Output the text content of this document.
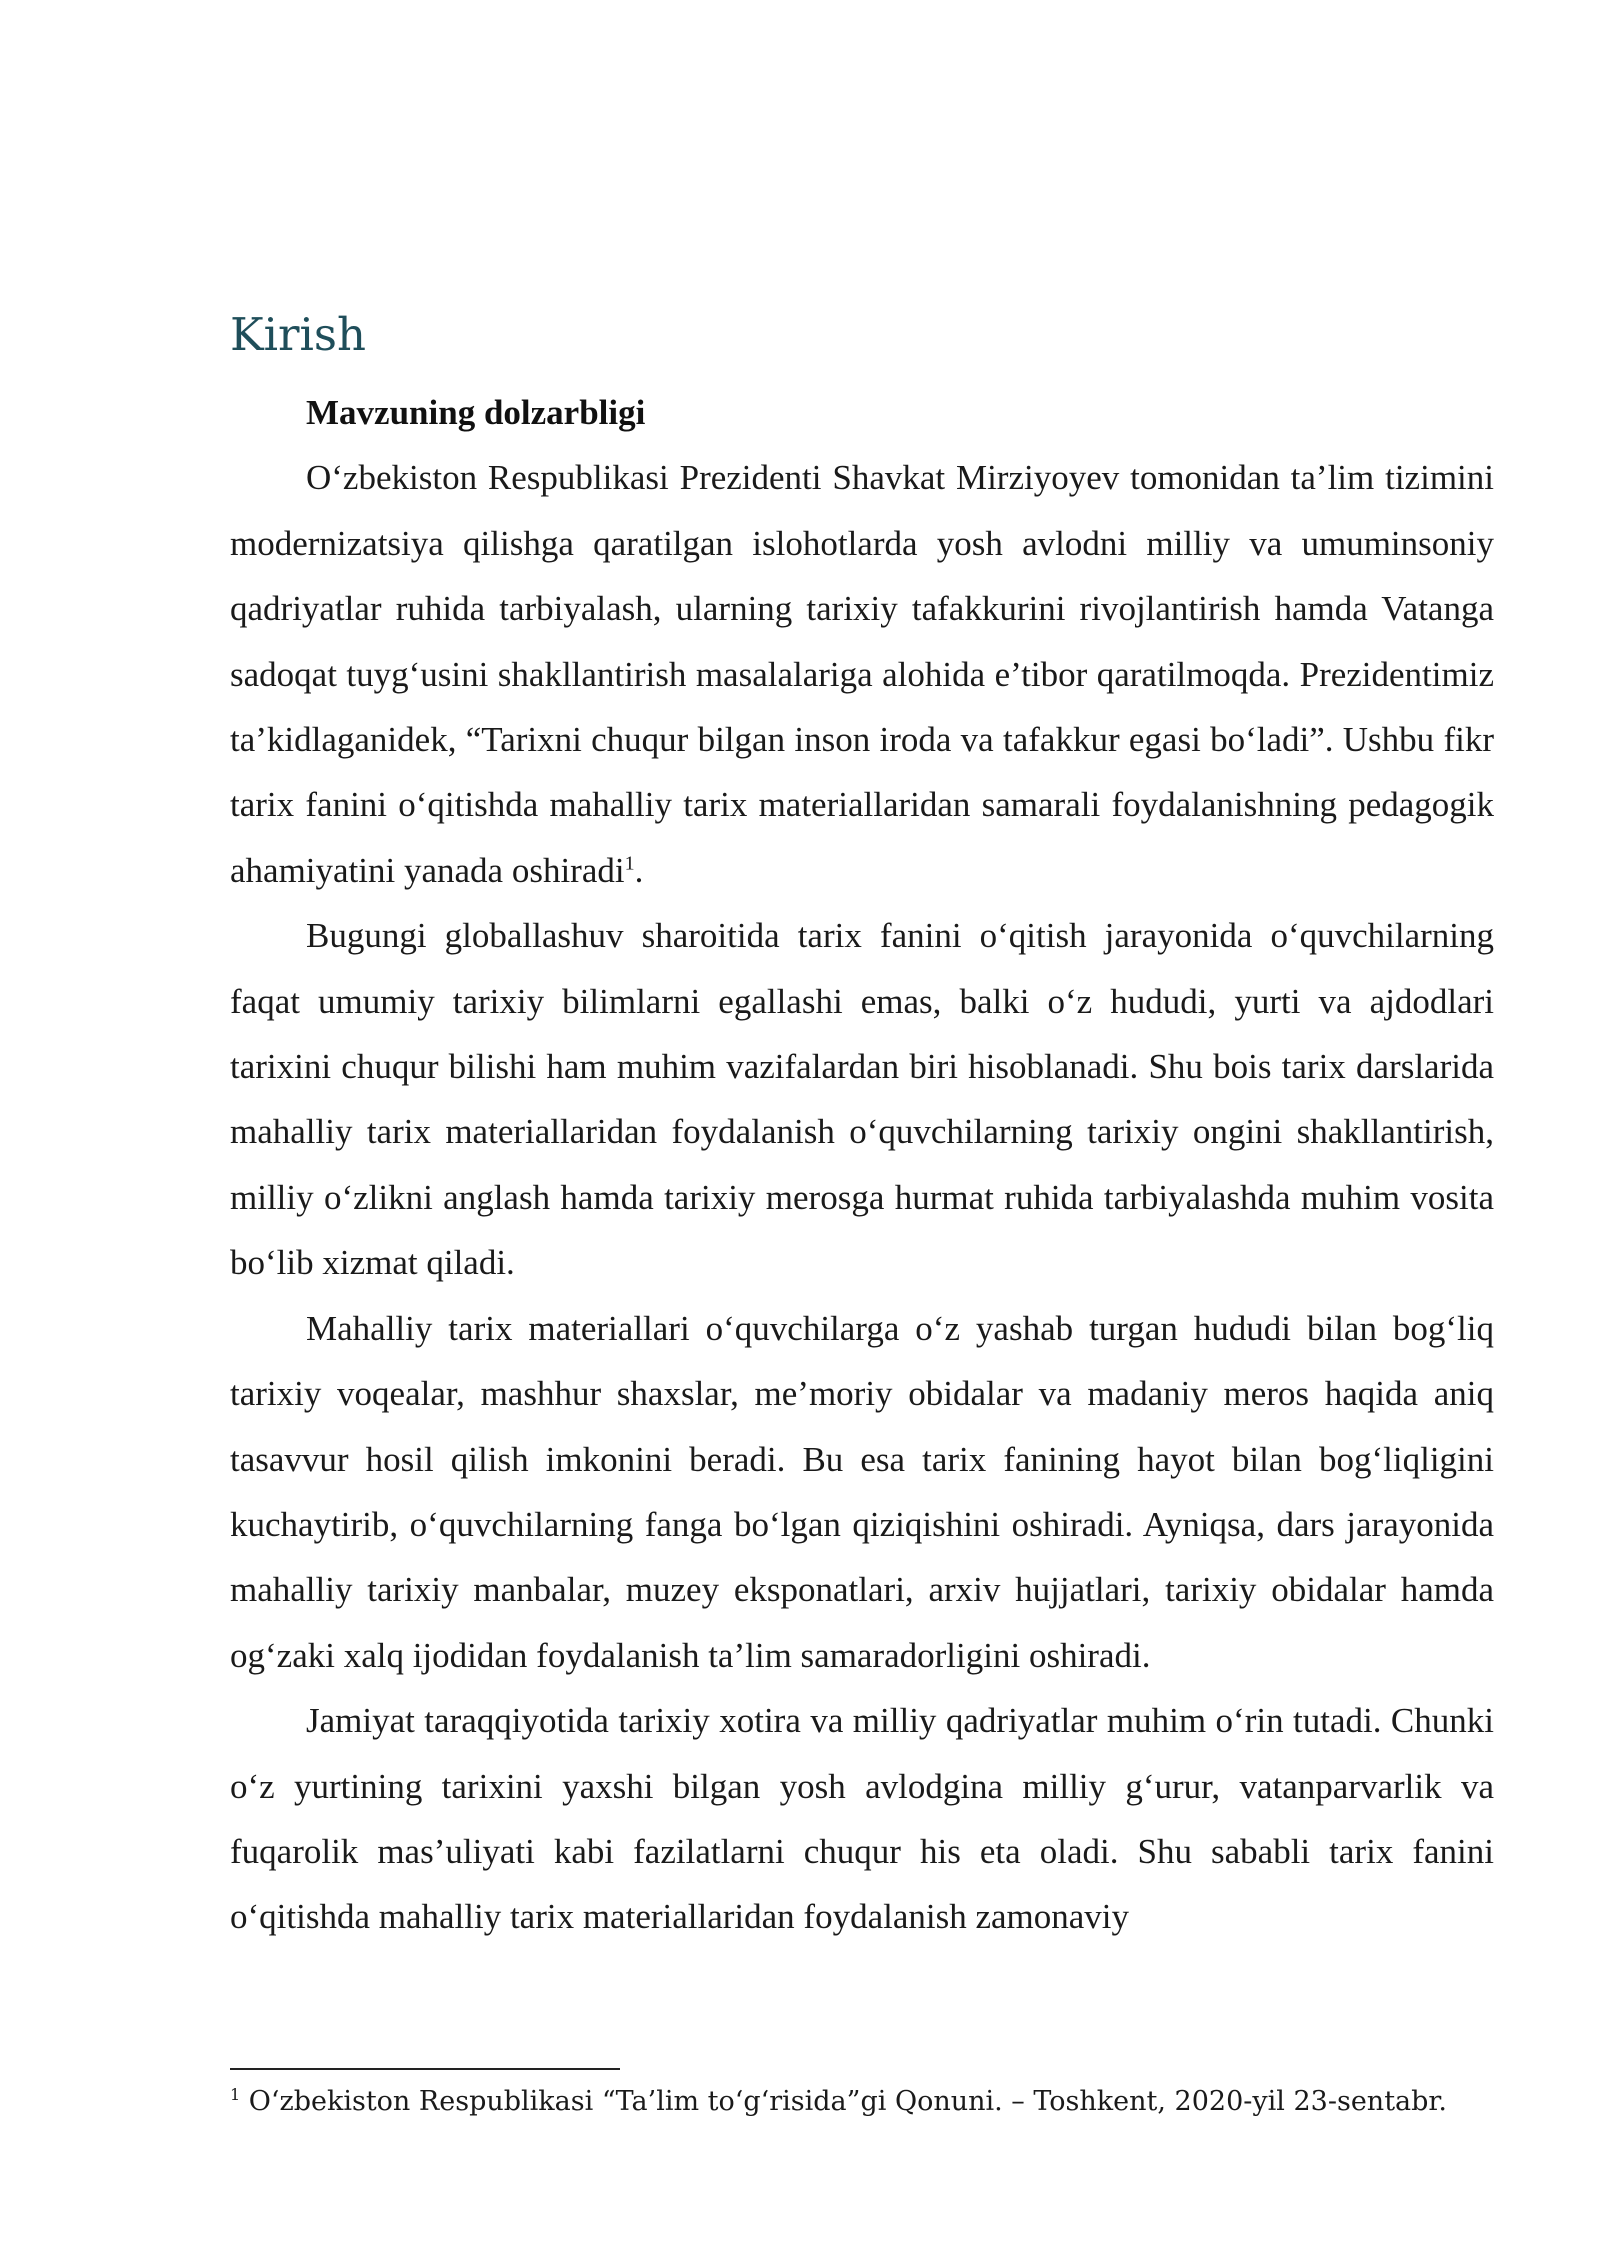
Kirish

Mavzuning dolzarbligi

O‘zbekiston Respublikasi Prezidenti Shavkat Mirziyoyev tomonidan ta’lim tizimini modernizatsiya qilishga qaratilgan islohotlarda yosh avlodni milliy va umuminsoniy qadriyatlar ruhida tarbiyalash, ularning tarixiy tafakkurini rivojlantirish hamda Vatanga sadoqat tuyg‘usini shakllantirish masalalariga alohida e’tibor qaratilmoqda. Prezidentimiz ta’kidlaganidek, “Tarixni chuqur bilgan inson iroda va tafakkur egasi bo‘ladi”. Ushbu fikr tarix fanini o‘qitishda mahalliy tarix materiallaridan samarali foydalanishning pedagogik ahamiyatini yanada oshiradi$^1$.

Bugungi globallashuv sharoitida tarix fanini o‘qitish jarayonida o‘quvchilarning faqat umumiy tarixiy bilimlarni egallashi emas, balki o‘z hududi, yurti va ajdodlari tarixini chuqur bilishi ham muhim vazifalardan biri hisoblanadi. Shu bois tarix darslarida mahalliy tarix materiallaridan foydalanish o‘quvchilarning tarixiy ongini shakllantirish, milliy o‘zlikni anglash hamda tarixiy merosga hurmat ruhida tarbiyalashda muhim vosita bo‘lib xizmat qiladi.

Mahalliy tarix materiallari o‘quvchilarga o‘z yashab turgan hududi bilan bog‘liq tarixiy voqealar, mashhur shaxslar, me’moriy obidalar va madaniy meros haqida aniq tasavvur hosil qilish imkonini beradi. Bu esa tarix fanining hayot bilan bog‘liqligini kuchaytirib, o‘quvchilarning fanga bo‘lgan qiziqishini oshiradi. Ayniqsa, dars jarayonida mahalliy tarixiy manbalar, muzey eksponatlari, arxiv hujjatlari, tarixiy obidalar hamda og‘zaki xalq ijodidan foydalanish ta’lim samaradorligini oshiradi.

Jamiyat taraqqiyotida tarixiy xotira va milliy qadriyatlar muhim o‘rin tutadi. Chunki o‘z yurtining tarixini yaxshi bilgan yosh avlodgina milliy g‘urur, vatanparvarlik va fuqarolik mas’uliyati kabi fazilatlarni chuqur his eta oladi. Shu sababli tarix fanini o‘qitishda mahalliy tarix materiallaridan foydalanish zamonaviy

$^1$ O‘zbekiston Respublikasi “Ta’lim to‘g‘risida”gi Qonuni. – Toshkent, 2020-yil 23-sentabr.
